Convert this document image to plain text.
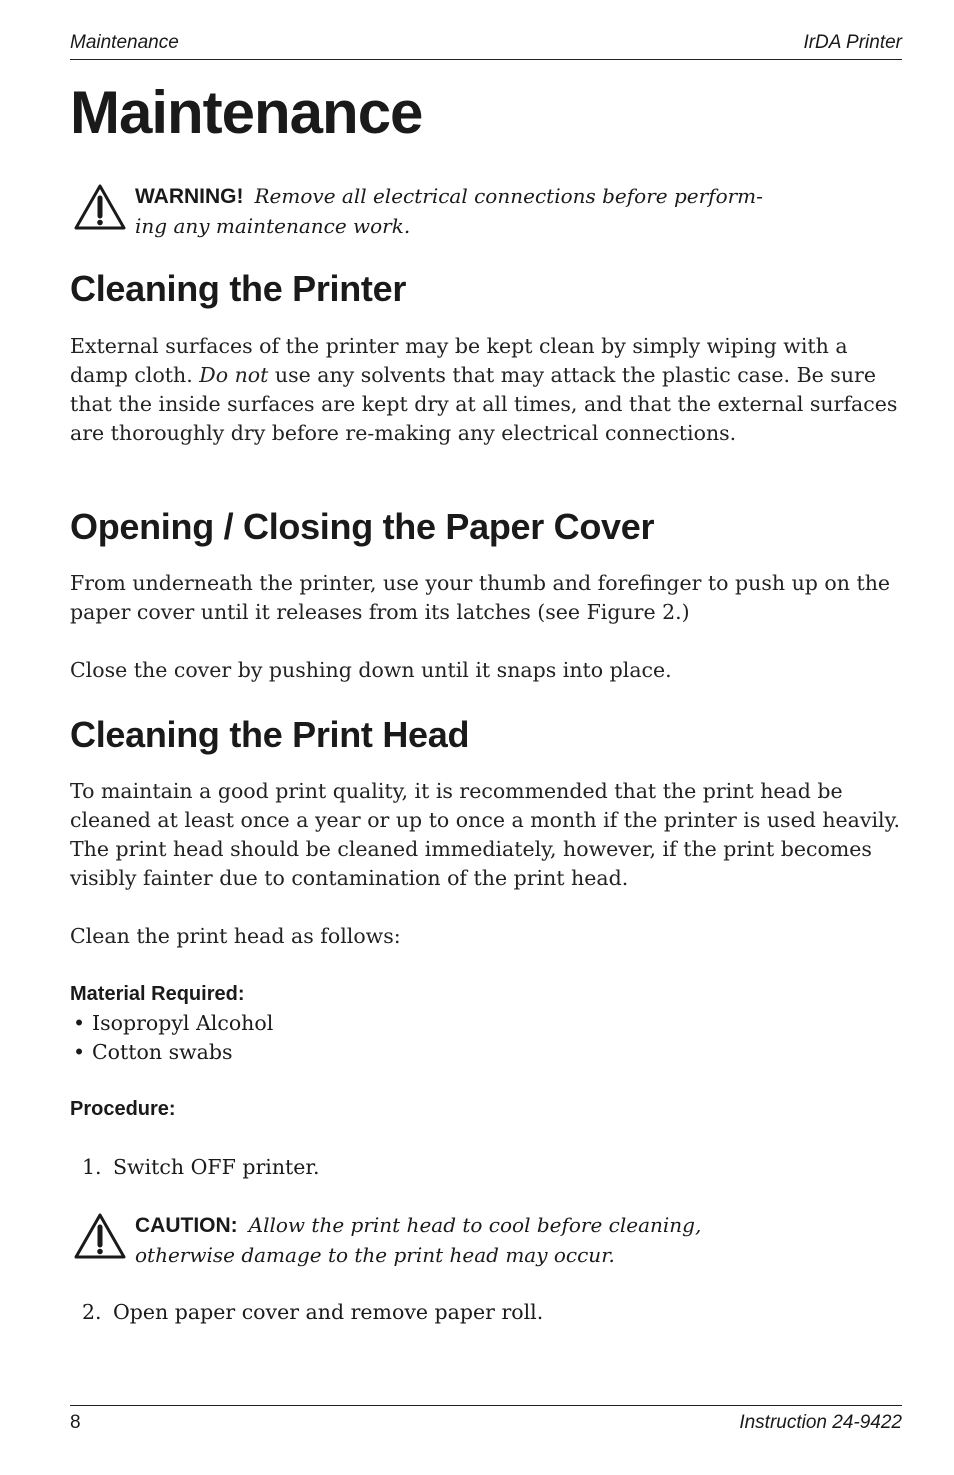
Maintenance	IrDA Printer
Maintenance
WARNING! Remove all electrical connections before perform-
ing any maintenance work.
Cleaning the Printer

External surfaces of the printer may be kept clean by simply wiping with a damp cloth. Do not use any solvents that may attack the plastic case. Be sure that the inside surfaces are kept dry at all times, and that the external surfaces are thoroughly dry before re-making any electrical connections.

Opening / Closing the Paper Cover

From underneath the printer, use your thumb and forefinger to push up on the paper cover until it releases from its latches (see Figure 2.)

Close the cover by pushing down until it snaps into place.

Cleaning the Print Head

To maintain a good print quality, it is recommended that the print head be cleaned at least once a year or up to once a month if the printer is used heavily. The print head should be cleaned immediately, however, if the print becomes visibly fainter due to contamination of the print head.

Clean the print head as follows:

Material Required:
• Isopropyl Alcohol
• Cotton swabs
Procedure:
1. Switch OFF printer.
CAUTION: Allow the print head to cool before cleaning,
otherwise damage to the print head may occur.
2. Open paper cover and remove paper roll.
8	Instruction 24-9422
